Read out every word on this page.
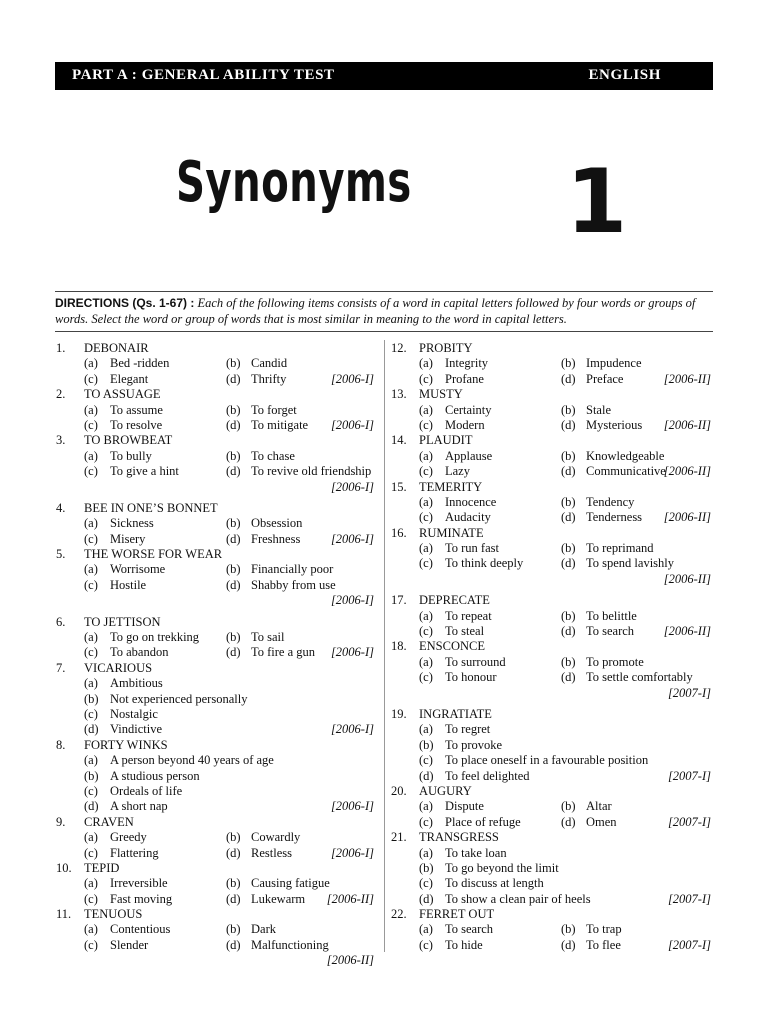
PART A : GENERAL ABILITY TEST	ENGLISH
Synonyms 1
DIRECTIONS (Qs. 1-67) : Each of the following items consists of a word in capital letters followed by four words or groups of words. Select the word or group of words that is most similar in meaning to the word in capital letters.
1. DEBONAIR
(a) Bed -ridden	(b) Candid
(c) Elegant	(d) Thrifty	[2006-I]
2. TO ASSUAGE
(a) To assume	(b) To forget
(c) To resolve	(d) To mitigate [2006-I]
3. TO BROWBEAT
(a) To bully	(b) To chase
(c) To give a hint	(d) To revive old friendship
[2006-I]
4. BEE IN ONE’S BONNET
(a) Sickness	(b) Obsession
(c) Misery	(d) Freshness [2006-I]
5. THE WORSE FOR WEAR
(a) Worrisome	(b) Financially poor
(c) Hostile	(d) Shabby from use
[2006-I]
6. TO JETTISON
(a) To go on trekking (b) To sail
(c) To abandon	(d) To fire a gun [2006-I]
7. VICARIOUS
(a) Ambitious
(b) Not experienced personally
(c) Nostalgic
(d) Vindictive	[2006-I]
8. FORTY WINKS
(a) A person beyond 40 years of age
(b) A studious person
(c) Ordeals of life
(d) A short nap	[2006-I]
9. CRAVEN
(a) Greedy	(b) Cowardly
(c) Flattering	(d) Restless	[2006-I]
10. TEPID
(a) Irreversible	(b) Causing fatigue
(c) Fast moving	(d) Lukewarm [2006-II]
11. TENUOUS
(a) Contentious	(b) Dark
(c) Slender	(d) Malfunctioning
[2006-II]
12. PROBITY
(a) Integrity	(b) Impudence
(c) Profane	(d) Preface	[2006-II]
13. MUSTY
(a) Certainty	(b) Stale
(c) Modern	(d) Mysterious [2006-II]
14. PLAUDIT
(a) Applause	(b) Knowledgeable
(c) Lazy	(d) Communicative
[2006-II]
15. TEMERITY
(a) Innocence	(b) Tendency
(c) Audacity	(d) Tenderness [2006-II]
16. RUMINATE
(a) To run fast	(b) To reprimand
(c) To think deeply	(d) To spend lavishly
[2006-II]
17. DEPRECATE
(a) To repeat	(b) To belittle
(c) To steal	(d) To search [2006-II]
18. ENSCONCE
(a) To surround	(b) To promote
(c) To honour	(d) To settle comfortably
[2007-I]
19. INGRATIATE
(a) To regret
(b) To provoke
(c) To place oneself in a favourable position
(d) To feel delighted	[2007-I]
20. AUGURY
(a) Dispute	(b) Altar
(c) Place of refuge	(d) Omen	[2007-I]
21. TRANSGRESS
(a) To take loan
(b) To go beyond the limit
(c) To discuss at length
(d) To show a clean pair of heels	[2007-I]
22. FERRET OUT
(a) To search	(b) To trap
(c) To hide	(d) To flee	[2007-I]
